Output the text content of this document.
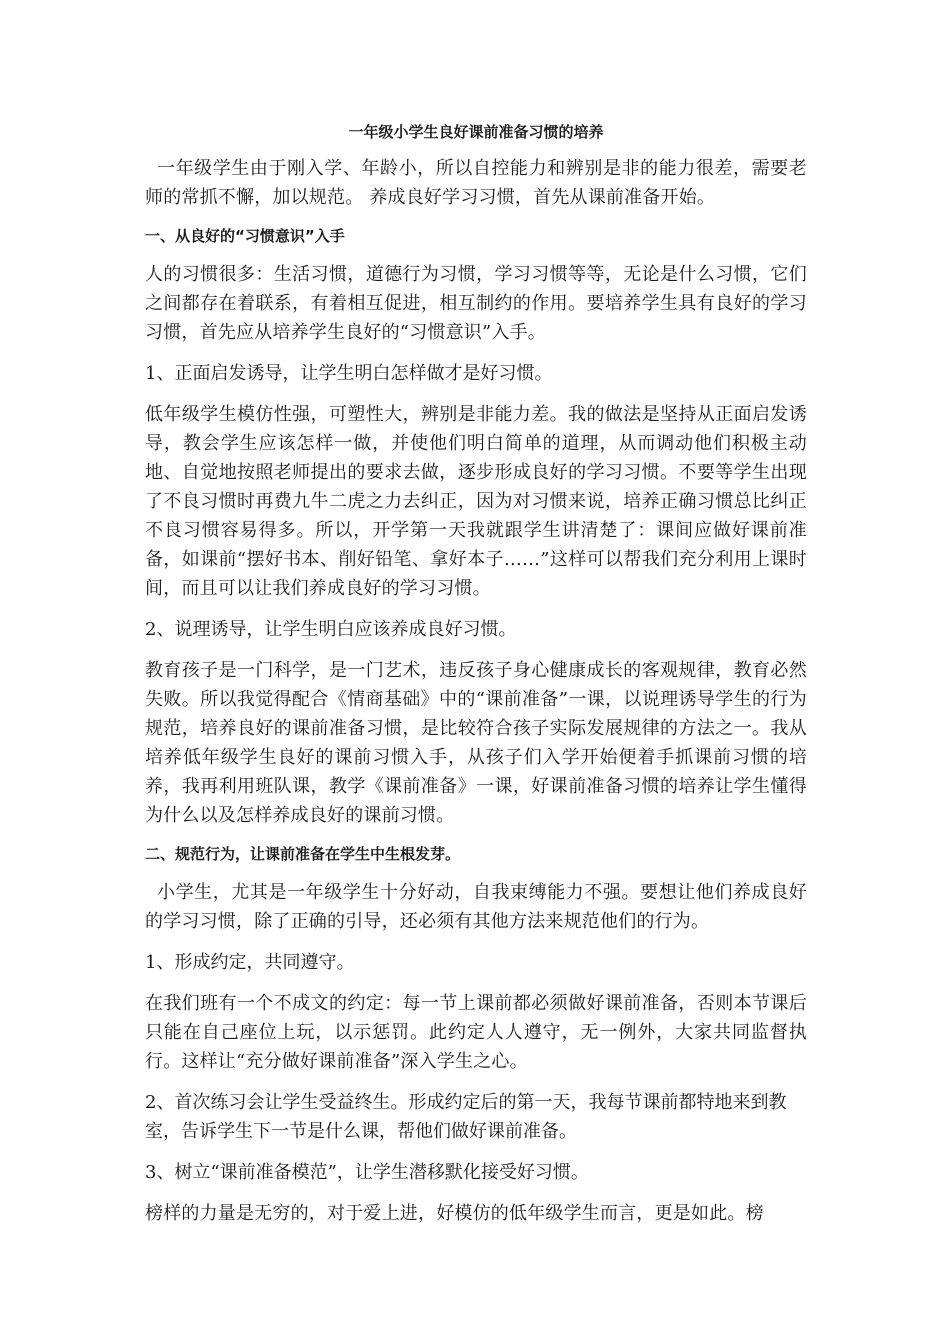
一年级小学生良好课前准备习惯的培养

一年级学生由于刚入学、年龄小，所以自控能力和辨别是非的能力很差，需要老师的常抓不懈，加以规范。 养成良好学习习惯，首先从课前准备开始。

一、从良好的“习惯意识”入手

人的习惯很多：生活习惯，道德行为习惯，学习习惯等等，无论是什么习惯，它们之间都存在着联系，有着相互促进，相互制约的作用。要培养学生具有良好的学习习惯，首先应从培养学生良好的“习惯意识”入手。

1、正面启发诱导，让学生明白怎样做才是好习惯。

低年级学生模仿性强，可塑性大，辨别是非能力差。我的做法是坚持从正面启发诱导，教会学生应该怎样一做，并使他们明白简单的道理，从而调动他们积极主动地、自觉地按照老师提出的要求去做，逐步形成良好的学习习惯。不要等学生出现了不良习惯时再费九牛二虎之力去纠正，因为对习惯来说，培养正确习惯总比纠正不良习惯容易得多。所以，开学第一天我就跟学生讲清楚了：课间应做好课前准备，如课前“摆好书本、削好铅笔、拿好本子……”这样可以帮我们充分利用上课时间，而且可以让我们养成良好的学习习惯。

2、说理诱导，让学生明白应该养成良好习惯。

教育孩子是一门科学，是一门艺术，违反孩子身心健康成长的客观规律，教育必然失败。所以我觉得配合《情商基础》中的“课前准备”一课，以说理诱导学生的行为规范，培养良好的课前准备习惯，是比较符合孩子实际发展规律的方法之一。我从培养低年级学生良好的课前习惯入手，从孩子们入学开始便着手抓课前习惯的培养，我再利用班队课，教学《课前准备》一课，好课前准备习惯的培养让学生懂得为什么以及怎样养成良好的课前习惯。

二、规范行为，让课前准备在学生中生根发芽。

小学生，尤其是一年级学生十分好动，自我束缚能力不强。要想让他们养成良好的学习习惯，除了正确的引导，还必须有其他方法来规范他们的行为。

1、形成约定，共同遵守。

在我们班有一个不成文的约定：每一节上课前都必须做好课前准备，否则本节课后只能在自己座位上玩，以示惩罚。此约定人人遵守，无一例外，大家共同监督执行。这样让“充分做好课前准备”深入学生之心。

2、首次练习会让学生受益终生。形成约定后的第一天，我每节课前都特地来到教室，告诉学生下一节是什么课，帮他们做好课前准备。

3、树立“课前准备模范”，让学生潜移默化接受好习惯。

榜样的力量是无穷的，对于爱上进，好模仿的低年级学生而言，更是如此。榜
